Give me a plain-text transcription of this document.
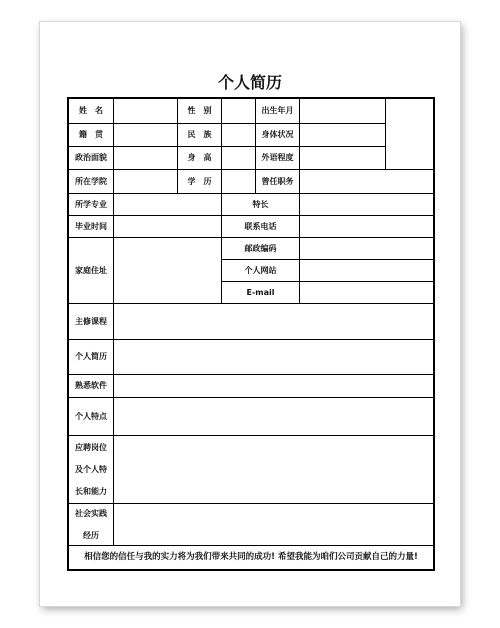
个人简历
姓　名	性　别	出生年月
籍　贯	民　族	身体状况
政治面貌	身　高	外语程度
所在学院	学　历	曾任职务
所学专业	特长
毕业时间	联系电话
家庭住址
邮政编码
个人网站
E-mail
主修课程
个人简历
熟悉软件
个人特点
应聘岗位
及个人特
长和能力
社会实践
经历
相信您的信任与我的实力将为我们带来共同的成功! 希望我能为咱们公司贡献自己的力量!
